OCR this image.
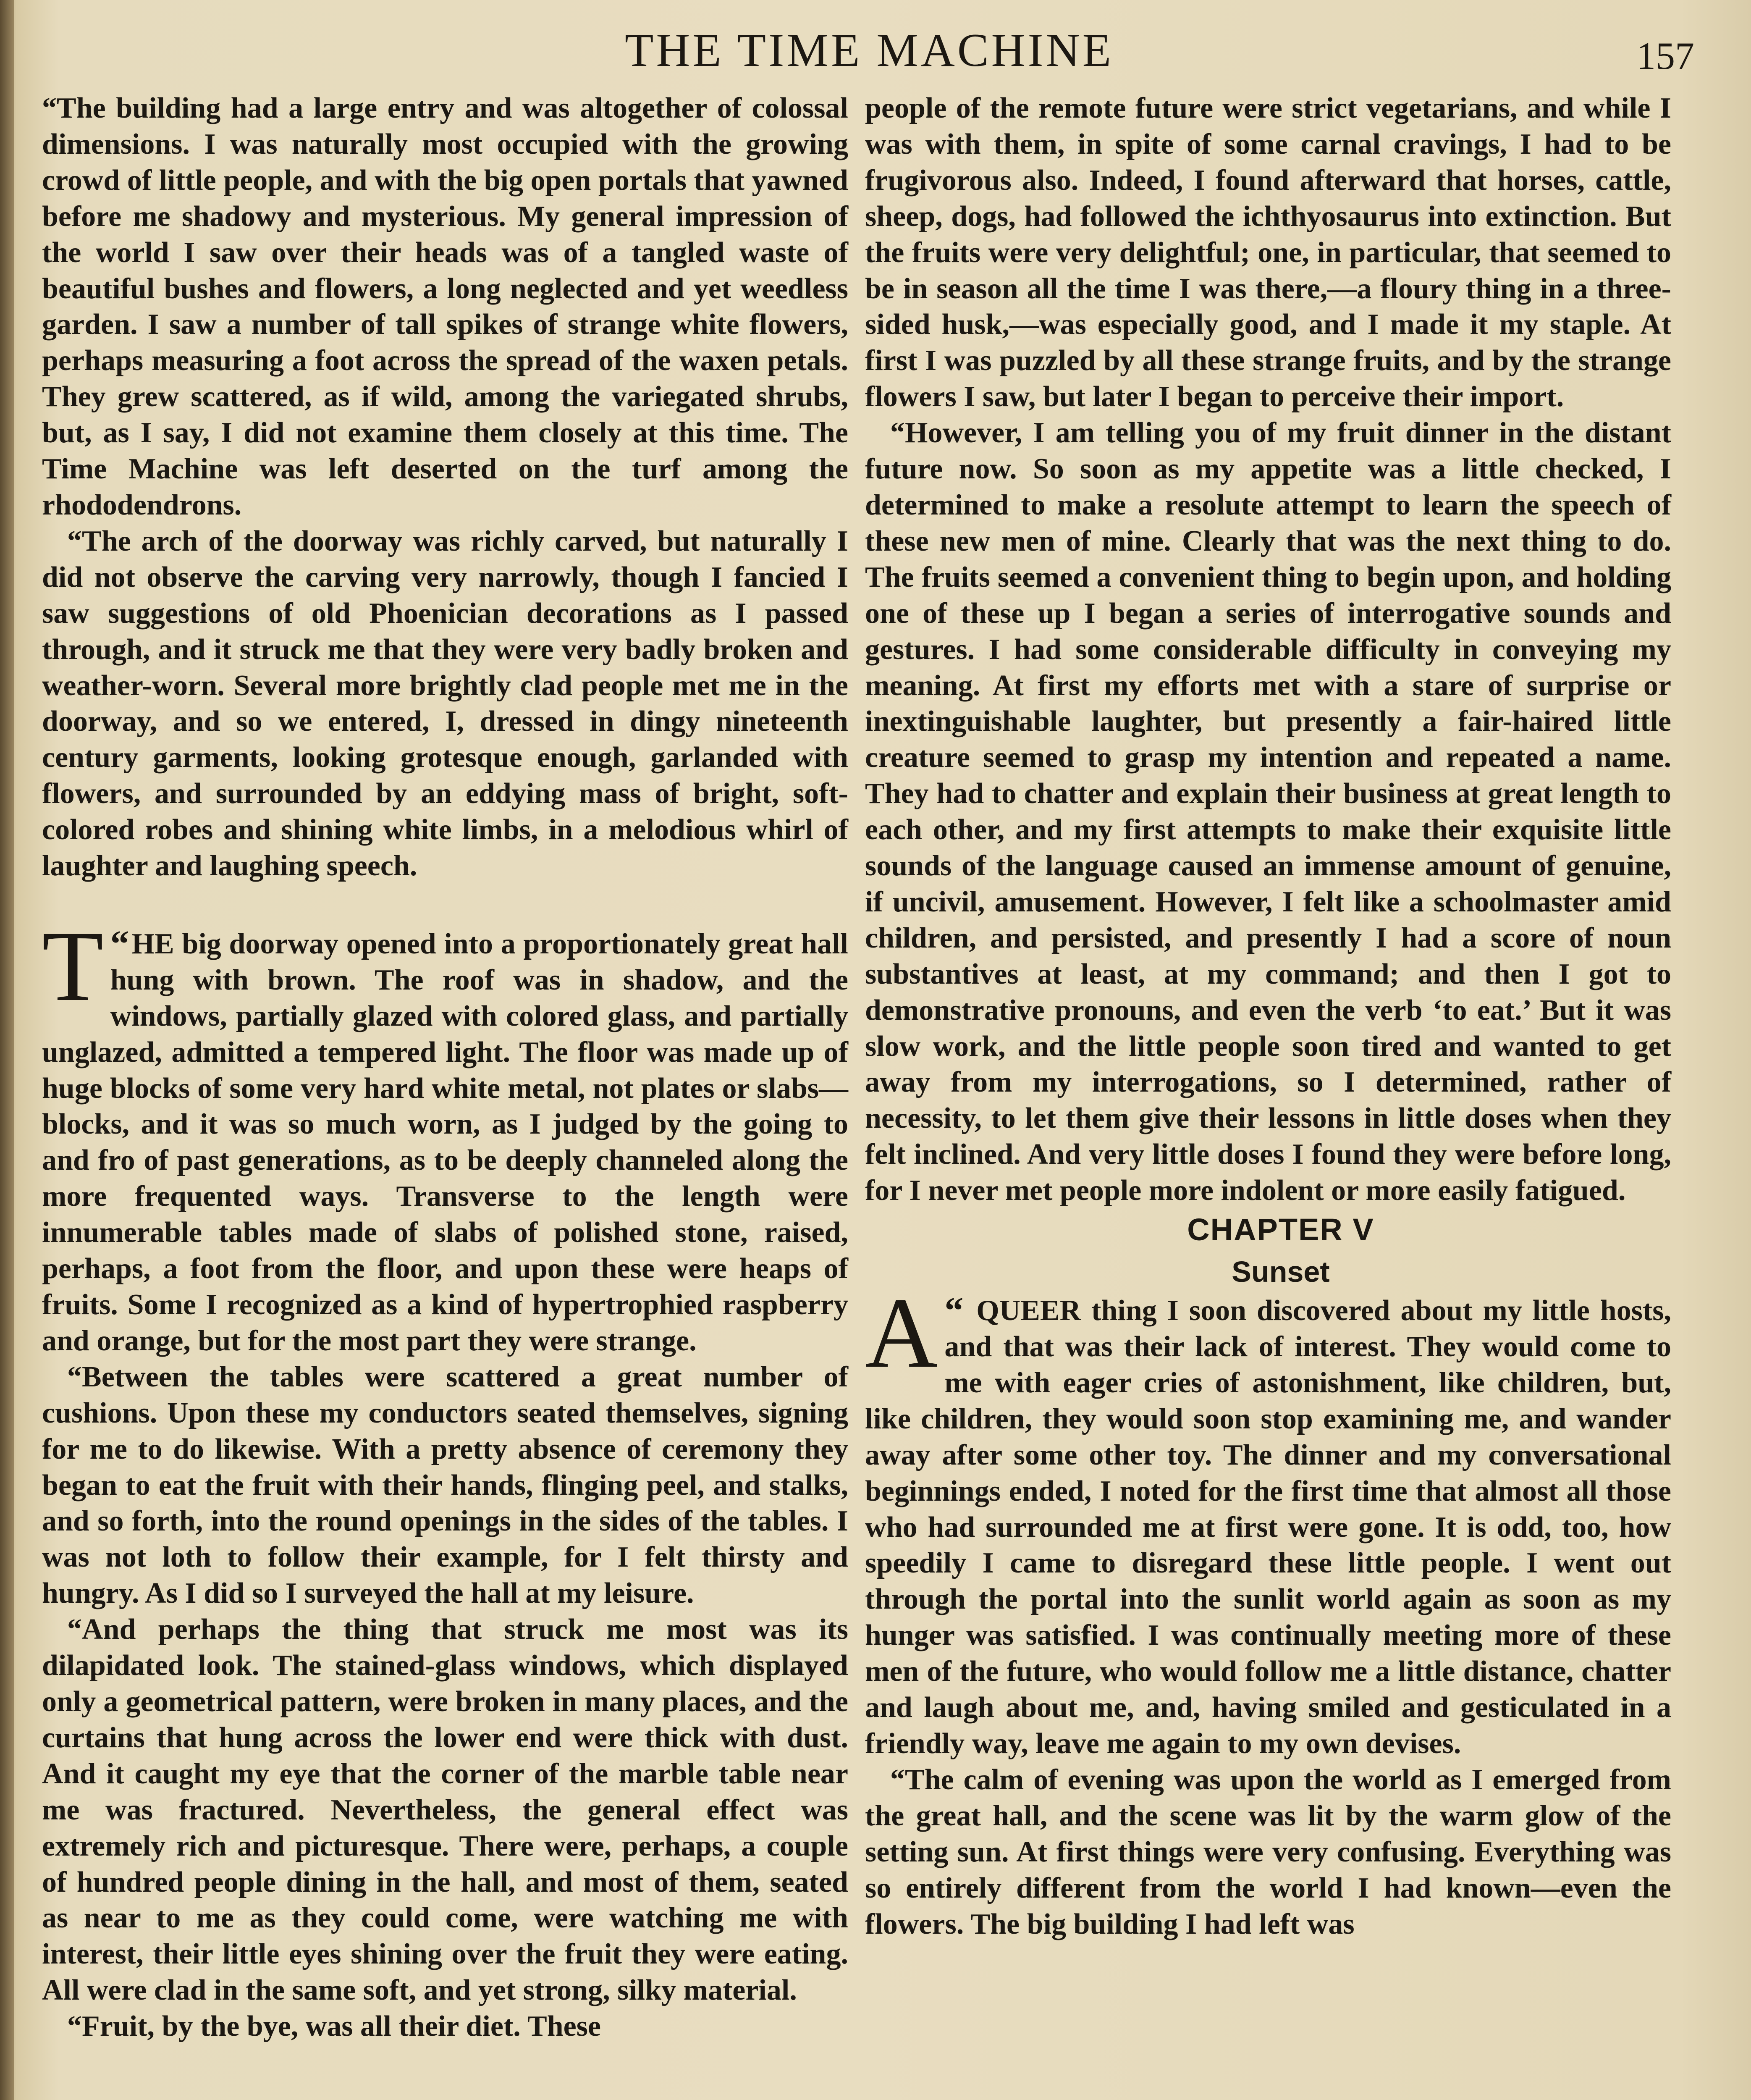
THE TIME MACHINE	157

“The building had a large entry and was altogether of colossal dimensions. I was naturally most occupied with the growing crowd of little people, and with the big open portals that yawned before me shadowy and mysterious. My general impression of the world I saw over their heads was of a tangled waste of beautiful bushes and flowers, a long neglected and yet weedless garden. I saw a number of tall spikes of strange white flowers, perhaps measuring a foot across the spread of the waxen petals. They grew scattered, as if wild, among the variegated shrubs, but, as I say, I did not examine them closely at this time. The Time Machine was left deserted on the turf among the rhododendrons.

“The arch of the doorway was richly carved, but naturally I did not observe the carving very narrowly, though I fancied I saw suggestions of old Phoenician decorations as I passed through, and it struck me that they were very badly broken and weather-worn. Several more brightly clad people met me in the doorway, and so we entered, I, dressed in dingy nineteenth century garments, looking grotesque enough, garlanded with flowers, and surrounded by an eddying mass of bright, soft-colored robes and shining white limbs, in a melodious whirl of laughter and laughing speech.

“
T HE big doorway opened into a proportionately great hall hung with brown. The roof was in shadow, and the windows, partially glazed with colored glass, and partially unglazed, admitted a tempered light. The floor was made up of huge blocks of some very hard white metal, not plates or slabs—blocks, and it was so much worn, as I judged by the going to and fro of past generations, as to be deeply channeled along the more frequented ways. Transverse to the length were innumerable tables made of slabs of polished stone, raised, perhaps, a foot from the floor, and upon these were heaps of fruits. Some I recognized as a kind of hypertrophied raspberry and orange, but for the most part they were strange.

“Between the tables were scattered a great number of cushions. Upon these my conductors seated themselves, signing for me to do likewise. With a pretty absence of ceremony they began to eat the fruit with their hands, flinging peel, and stalks, and so forth, into the round openings in the sides of the tables. I was not loth to follow their example, for I felt thirsty and hungry. As I did so I surveyed the hall at my leisure.

“And perhaps the thing that struck me most was its dilapidated look. The stained-glass windows, which displayed only a geometrical pattern, were broken in many places, and the curtains that hung across the lower end were thick with dust. And it caught my eye that the corner of the marble table near me was fractured. Nevertheless, the general effect was extremely rich and picturesque. There were, perhaps, a couple of hundred people dining in the hall, and most of them, seated as near to me as they could come, were watching me with interest, their little eyes shining over the fruit they were eating. All were clad in the same soft, and yet strong, silky material.

“Fruit, by the bye, was all their diet. These

people of the remote future were strict vegetarians, and while I was with them, in spite of some carnal cravings, I had to be frugivorous also. Indeed, I found afterward that horses, cattle, sheep, dogs, had followed the ichthyosaurus into extinction. But the fruits were very delightful; one, in particular, that seemed to be in season all the time I was there,—a floury thing in a three-sided husk,—was especially good, and I made it my staple. At first I was puzzled by all these strange fruits, and by the strange flowers I saw, but later I began to perceive their import.

“However, I am telling you of my fruit dinner in the distant future now. So soon as my appetite was a little checked, I determined to make a resolute attempt to learn the speech of these new men of mine. Clearly that was the next thing to do. The fruits seemed a convenient thing to begin upon, and holding one of these up I began a series of interrogative sounds and gestures. I had some considerable difficulty in conveying my meaning. At first my efforts met with a stare of surprise or inextinguishable laughter, but presently a fair-haired little creature seemed to grasp my intention and repeated a name. They had to chatter and explain their business at great length to each other, and my first attempts to make their exquisite little sounds of the language caused an immense amount of genuine, if uncivil, amusement. However, I felt like a schoolmaster amid children, and persisted, and presently I had a score of noun substantives at least, at my command; and then I got to demonstrative pronouns, and even the verb ‘to eat.’ But it was slow work, and the little people soon tired and wanted to get away from my interrogations, so I determined, rather of necessity, to let them give their lessons in little doses when they felt inclined. And very little doses I found they were before long, for I never met people more indolent or more easily fatigued.

CHAPTER V

Sunset

“
A QUEER thing I soon discovered about my little hosts, and that was their lack of interest. They would come to me with eager cries of astonishment, like children, but, like children, they would soon stop examining me, and wander away after some other toy. The dinner and my conversational beginnings ended, I noted for the first time that almost all those who had surrounded me at first were gone. It is odd, too, how speedily I came to disregard these little people. I went out through the portal into the sunlit world again as soon as my hunger was satisfied. I was continually meeting more of these men of the future, who would follow me a little distance, chatter and laugh about me, and, having smiled and gesticulated in a friendly way, leave me again to my own devises.

“The calm of evening was upon the world as I emerged from the great hall, and the scene was lit by the warm glow of the setting sun. At first things were very confusing. Everything was so entirely different from the world I had known—even the flowers. The big building I had left was
